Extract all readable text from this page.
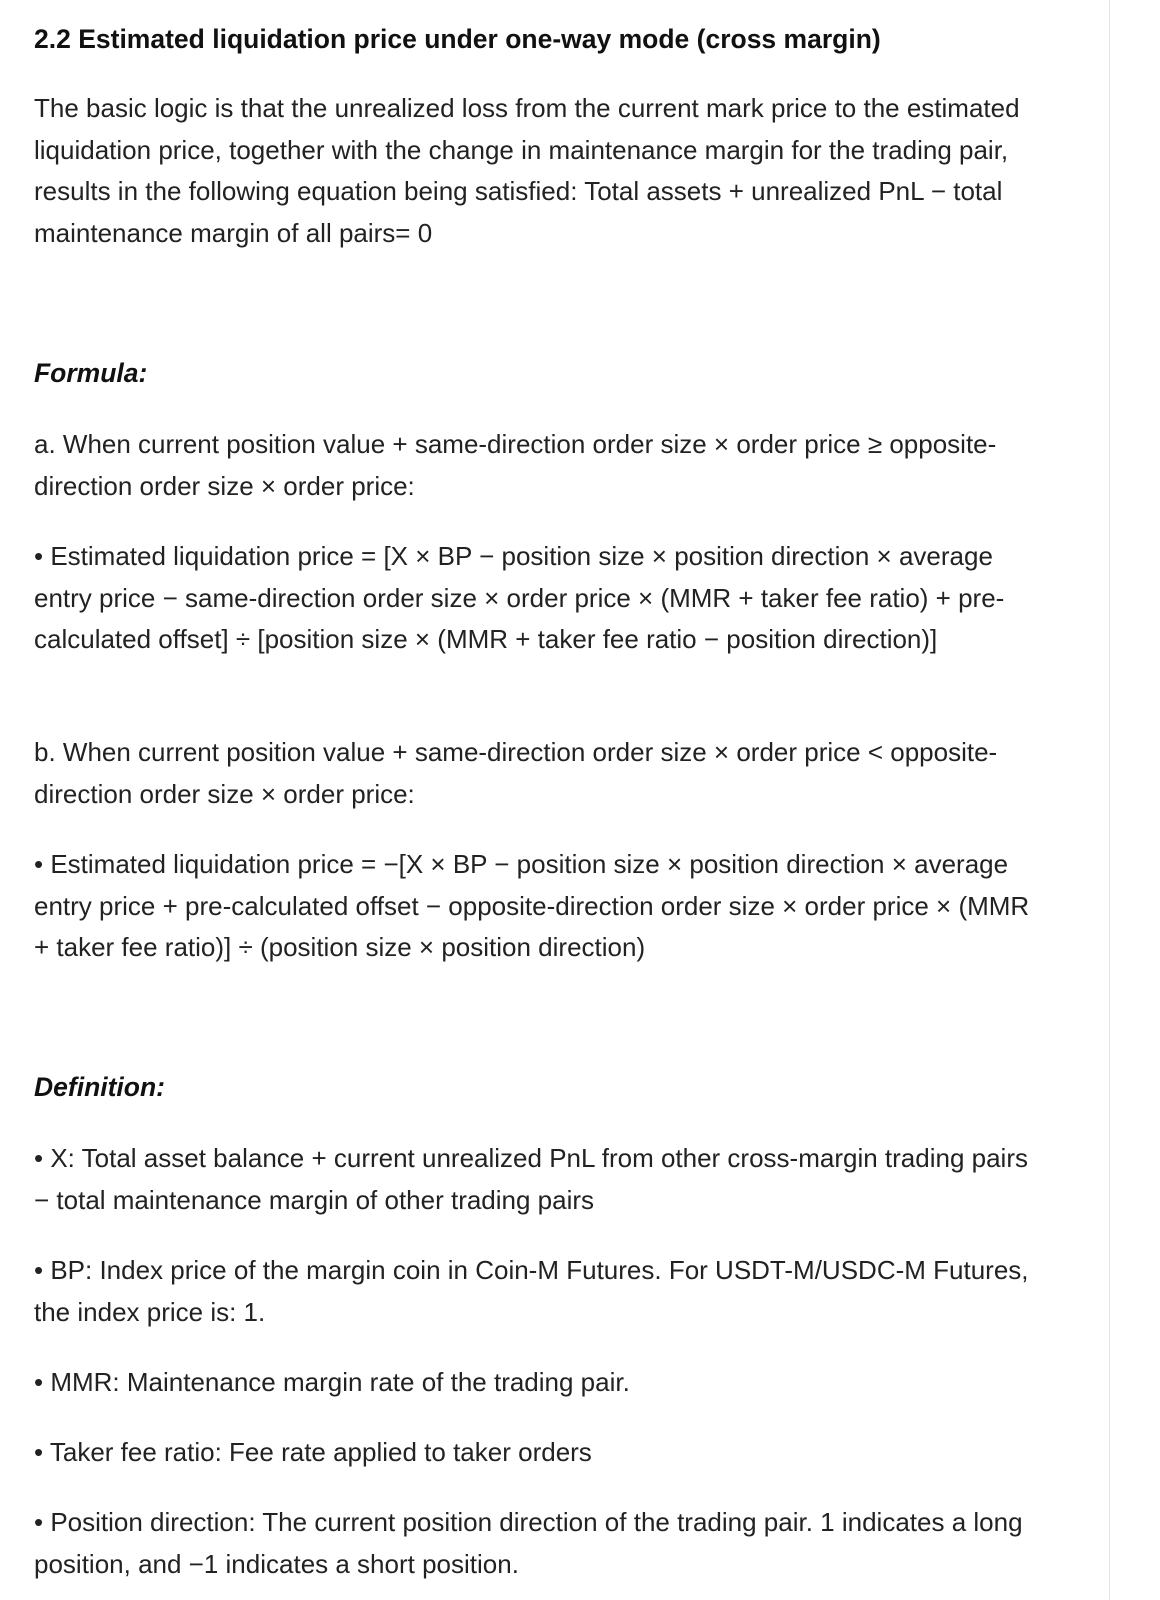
2.2 Estimated liquidation price under one-way mode (cross margin)

The basic logic is that the unrealized loss from the current mark price to the estimated liquidation price, together with the change in maintenance margin for the trading pair, results in the following equation being satisfied: Total assets + unrealized PnL − total maintenance margin of all pairs= 0

Formula:

a. When current position value + same-direction order size × order price ≥ opposite-direction order size × order price:

• Estimated liquidation price = [X × BP − position size × position direction × average entry price − same-direction order size × order price × (MMR + taker fee ratio) + pre-calculated offset] ÷ [position size × (MMR + taker fee ratio − position direction)]

b. When current position value + same-direction order size × order price < opposite-direction order size × order price:

• Estimated liquidation price = −[X × BP − position size × position direction × average entry price + pre-calculated offset − opposite-direction order size × order price × (MMR + taker fee ratio)] ÷ (position size × position direction)

Definition:

• X: Total asset balance + current unrealized PnL from other cross-margin trading pairs − total maintenance margin of other trading pairs

• BP: Index price of the margin coin in Coin-M Futures. For USDT-M/USDC-M Futures, the index price is: 1.

• MMR: Maintenance margin rate of the trading pair.

• Taker fee ratio: Fee rate applied to taker orders

• Position direction: The current position direction of the trading pair. 1 indicates a long position, and −1 indicates a short position.
